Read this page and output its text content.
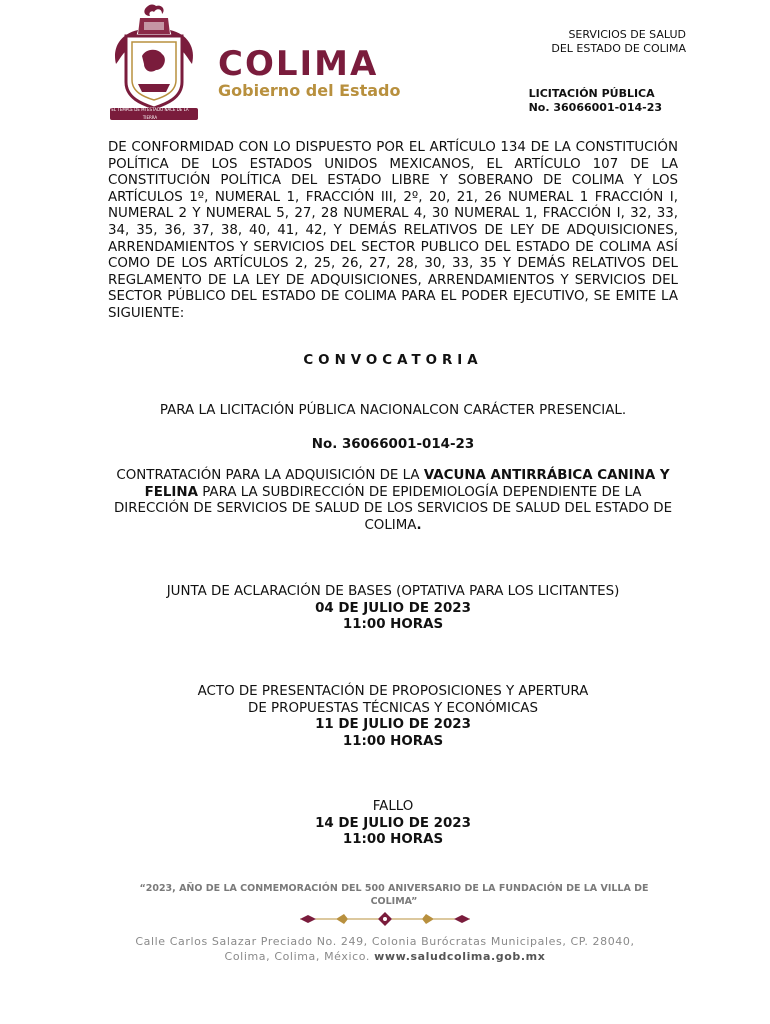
EL TEMPLE DE MI ESTADO NACE DE LA TIERRA
COLIMA
Gobierno del Estado
SERVICIOS DE SALUD
DEL ESTADO DE COLIMA
LICITACIÓN PÚBLICA
No. 36066001-014-23
DE CONFORMIDAD CON LO DISPUESTO POR EL ARTÍCULO 134 DE LA CONSTITUCIÓN POLÍTICA DE LOS ESTADOS UNIDOS MEXICANOS, EL ARTÍCULO 107 DE LA CONSTITUCIÓN POLÍTICA DEL ESTADO LIBRE Y SOBERANO DE COLIMA Y LOS ARTÍCULOS 1º, NUMERAL 1, FRACCIÓN III, 2º, 20, 21, 26 NUMERAL 1 FRACCIÓN I, NUMERAL 2 Y NUMERAL 5, 27, 28 NUMERAL 4, 30 NUMERAL 1, FRACCIÓN I, 32, 33, 34, 35, 36, 37, 38, 40, 41, 42, Y DEMÁS RELATIVOS DE LEY DE ADQUISICIONES, ARRENDAMIENTOS Y SERVICIOS DEL SECTOR PUBLICO DEL ESTADO DE COLIMA ASÍ COMO DE LOS ARTÍCULOS 2, 25, 26, 27, 28, 30, 33, 35 Y DEMÁS RELATIVOS DEL REGLAMENTO DE LA LEY DE ADQUISICIONES, ARRENDAMIENTOS Y SERVICIOS DEL SECTOR PÚBLICO DEL ESTADO DE COLIMA PARA EL PODER EJECUTIVO, SE EMITE LA SIGUIENTE:
CONVOCATORIA
PARA LA LICITACIÓN PÚBLICA NACIONALCON CARÁCTER PRESENCIAL.
No. 36066001-014-23
CONTRATACIÓN PARA LA ADQUISICIÓN DE LA VACUNA ANTIRRÁBICA CANINA Y FELINA PARA LA SUBDIRECCIÓN DE EPIDEMIOLOGÍA DEPENDIENTE DE LA DIRECCIÓN DE SERVICIOS DE SALUD DE LOS SERVICIOS DE SALUD DEL ESTADO DE COLIMA.
JUNTA DE ACLARACIÓN DE BASES (OPTATIVA PARA LOS LICITANTES)
04 DE JULIO DE 2023
11:00 HORAS
ACTO DE PRESENTACIÓN DE PROPOSICIONES Y APERTURA
DE PROPUESTAS TÉCNICAS Y ECONÓMICAS
11 DE JULIO DE 2023
11:00 HORAS
FALLO
14 DE JULIO DE 2023
11:00 HORAS
“2023, AÑO DE LA CONMEMORACIÓN DEL 500 ANIVERSARIO DE LA FUNDACIÓN DE LA VILLA DE COLIMA”
Calle Carlos Salazar Preciado No. 249, Colonia Burócratas Municipales, CP. 28040,
Colima, Colima, México. www.saludcolima.gob.mx
